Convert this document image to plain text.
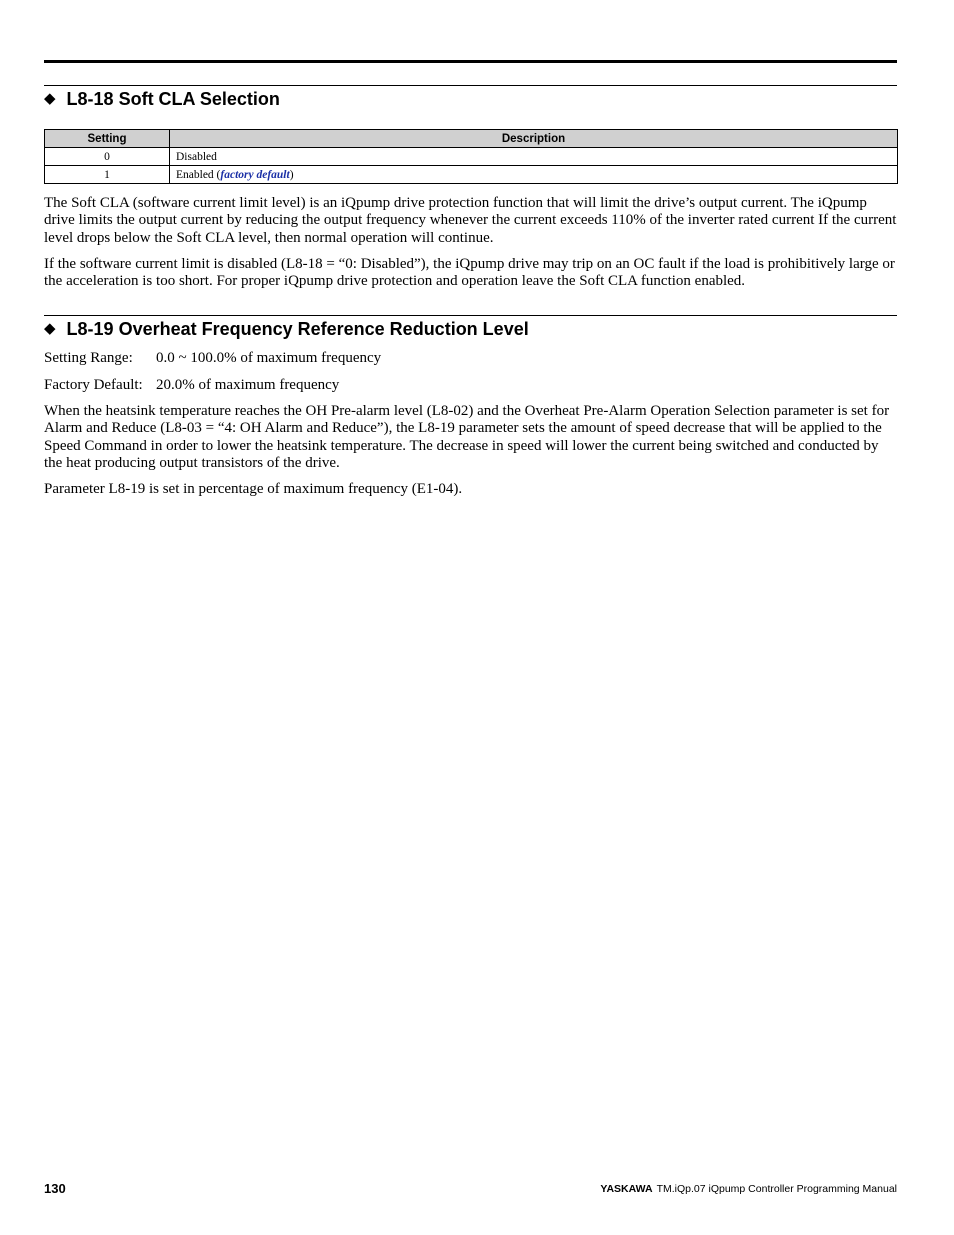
◆ L8-18 Soft CLA Selection
Setting	Description
0	Disabled
1	Enabled (factory default)

The Soft CLA (software current limit level) is an iQpump drive protection function that will limit the drive’s output current. The iQpump drive limits the output current by reducing the output frequency whenever the current exceeds 110% of the inverter rated current If the current level drops below the Soft CLA level, then normal operation will continue.

If the software current limit is disabled (L8-18 = “0: Disabled”), the iQpump drive may trip on an OC fault if the load is prohibitively large or the acceleration is too short. For proper iQpump drive protection and operation leave the Soft CLA function enabled.

◆ L8-19 Overheat Frequency Reference Reduction Level
Setting Range: 0.0 ~ 100.0% of maximum frequency
Factory Default: 20.0% of maximum frequency

When the heatsink temperature reaches the OH Pre-alarm level (L8-02) and the Overheat Pre-Alarm Operation Selection parameter is set for Alarm and Reduce (L8-03 = “4: OH Alarm and Reduce”), the L8-19 parameter sets the amount of speed decrease that will be applied to the Speed Command in order to lower the heatsink temperature. The decrease in speed will lower the current being switched and conducted by the heat producing output transistors of the drive.

Parameter L8-19 is set in percentage of maximum frequency (E1-04).

130	YASKAWA TM.iQp.07 iQpump Controller Programming Manual
